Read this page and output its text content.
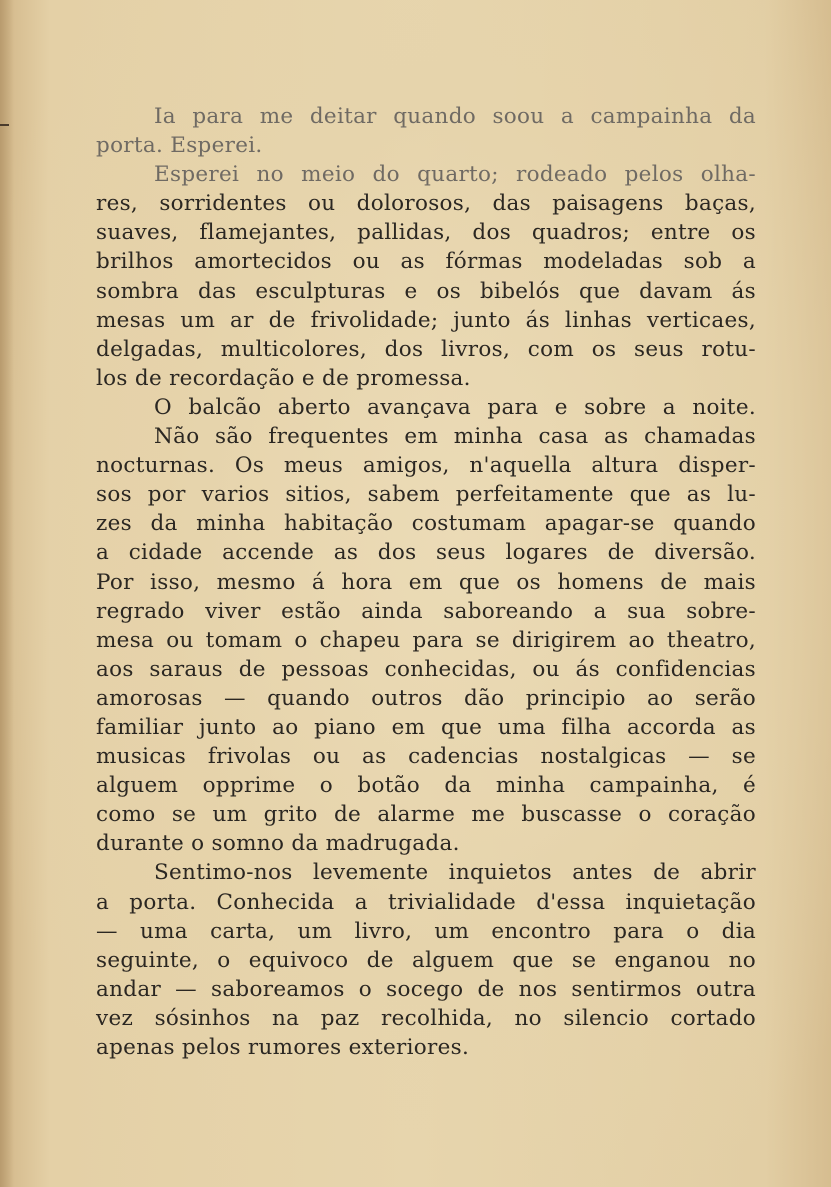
Ia para me deitar quando soou a campainha da
porta. Esperei.
Esperei no meio do quarto; rodeado pelos olha-
res, sorridentes ou dolorosos, das paisagens baças,
suaves, flamejantes, pallidas, dos quadros; entre os
brilhos amortecidos ou as fórmas modeladas sob a
sombra das esculpturas e os bibelós que davam ás
mesas um ar de frivolidade; junto ás linhas verticaes,
delgadas, multicolores, dos livros, com os seus rotu-
los de recordação e de promessa.
O balcão aberto avançava para e sobre a noite.
Não são frequentes em minha casa as chamadas
nocturnas. Os meus amigos, n'aquella altura disper-
sos por varios sitios, sabem perfeitamente que as lu-
zes da minha habitação costumam apagar-se quando
a cidade accende as dos seus logares de diversão.
Por isso, mesmo á hora em que os homens de mais
regrado viver estão ainda saboreando a sua sobre-
mesa ou tomam o chapeu para se dirigirem ao theatro,
aos saraus de pessoas conhecidas, ou ás confidencias
amorosas — quando outros dão principio ao serão
familiar junto ao piano em que uma filha accorda as
musicas frivolas ou as cadencias nostalgicas — se
alguem opprime o botão da minha campainha, é
como se um grito de alarme me buscasse o coração
durante o somno da madrugada.
Sentimo-nos levemente inquietos antes de abrir
a porta. Conhecida a trivialidade d'essa inquietação
— uma carta, um livro, um encontro para o dia
seguinte, o equivoco de alguem que se enganou no
andar — saboreamos o socego de nos sentirmos outra
vez sósinhos na paz recolhida, no silencio cortado
apenas pelos rumores exteriores.
